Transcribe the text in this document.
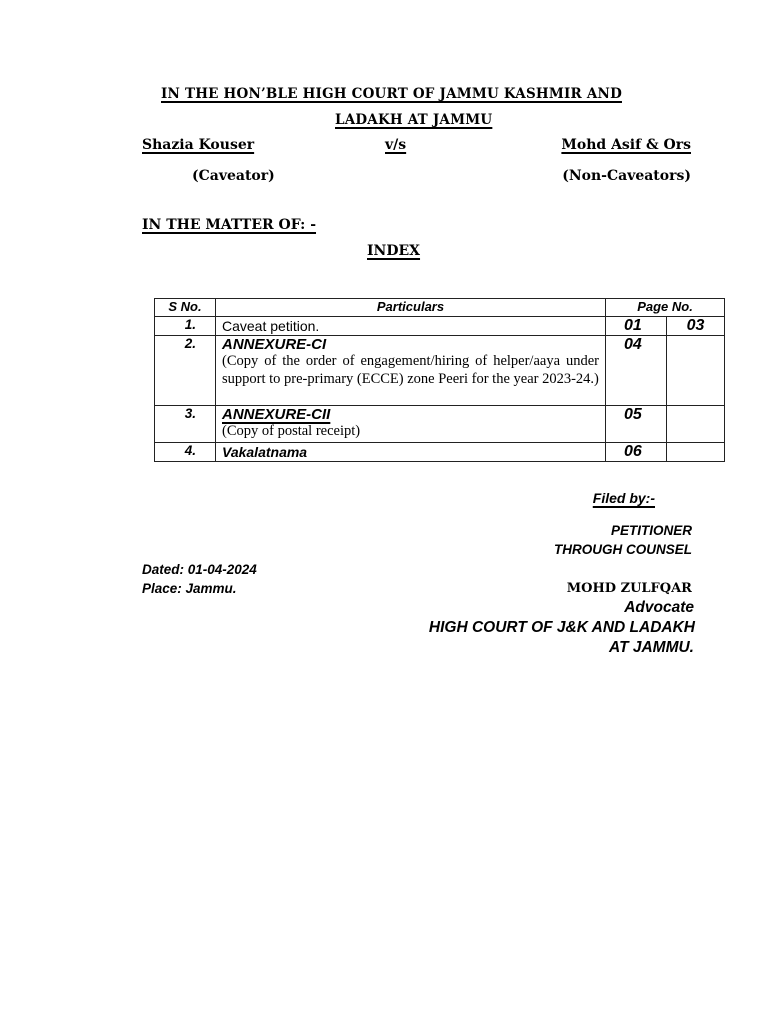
IN THE HON’BLE HIGH COURT OF JAMMU KASHMIR AND
LADAKH AT JAMMU
Shazia Kouser	v/s	Mohd Asif & Ors
(Caveator)	(Non-Caveators)
IN THE MATTER OF: -
INDEX
S No.	Particulars	Page No.	
1.	Caveat petition.	01	03
2.	ANNEXURE-CI
(Copy of the order of engagement/hiring of helper/aaya under support to pre-primary (ECCE) zone Peeri for the year 2023-24.)	04	
3.	ANNEXURE-CII
(Copy of postal receipt)	05	
4.	Vakalatnama	06	
Filed by:-
PETITIONER
THROUGH COUNSEL
Dated: 01-04-2024
Place: Jammu.	MOHD ZULFQAR
Advocate
HIGH COURT OF J&K AND LADAKH
AT JAMMU.
